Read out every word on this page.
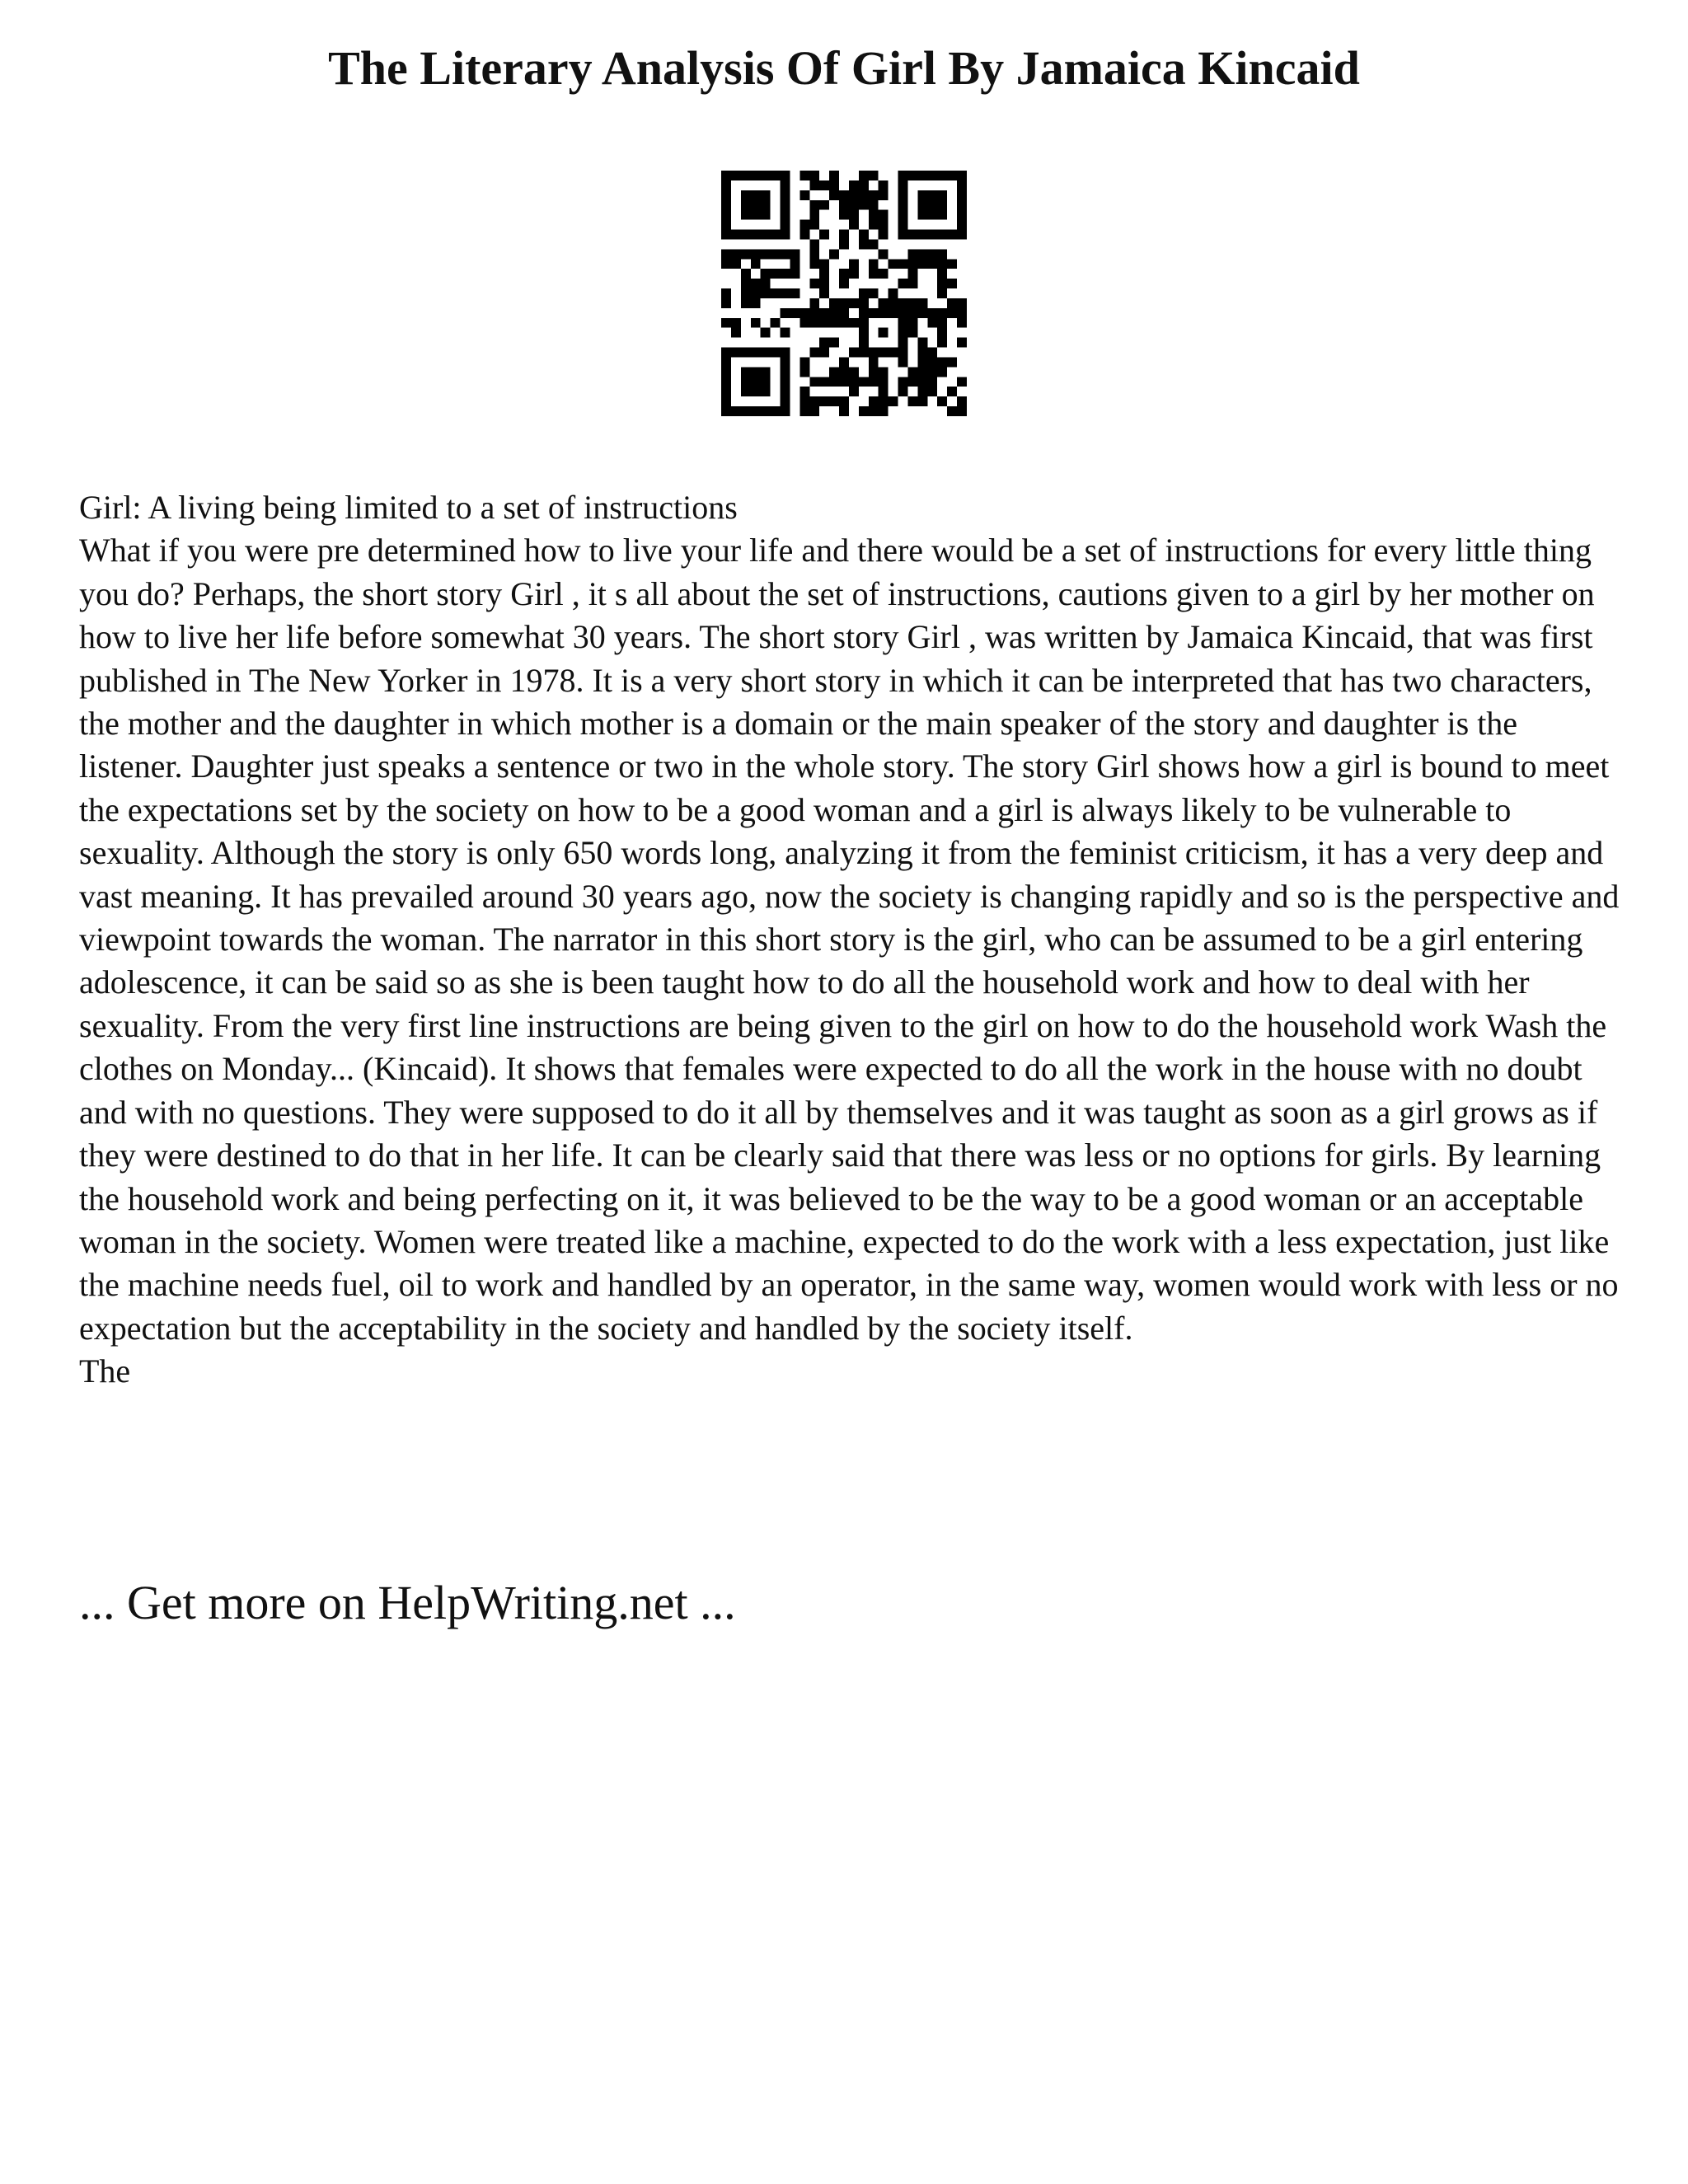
The Literary Analysis Of Girl By Jamaica Kincaid

Girl: A living being limited to a set of instructions

What if you were pre determined how to live your life and there would be a set of instructions for every little thing you do? Perhaps, the short story Girl , it s all about the set of instructions, cautions given to a girl by her mother on how to live her life before somewhat 30 years. The short story Girl , was written by Jamaica Kincaid, that was first published in The New Yorker in 1978. It is a very short story in which it can be interpreted that has two characters, the mother and the daughter in which mother is a domain or the main speaker of the story and daughter is the listener. Daughter just speaks a sentence or two in the whole story. The story Girl shows how a girl is bound to meet the expectations set by the society on how to be a good woman and a girl is always likely to be vulnerable to sexuality. Although the story is only 650 words long, analyzing it from the feminist criticism, it has a very deep and vast meaning. It has prevailed around 30 years ago, now the society is changing rapidly and so is the perspective and viewpoint towards the woman. The narrator in this short story is the girl, who can be assumed to be a girl entering adolescence, it can be said so as she is been taught how to do all the household work and how to deal with her sexuality. From the very first line instructions are being given to the girl on how to do the household work Wash the clothes on Monday... (Kincaid). It shows that females were expected to do all the work in the house with no doubt and with no questions. They were supposed to do it all by themselves and it was taught as soon as a girl grows as if they were destined to do that in her life. It can be clearly said that there was less or no options for girls. By learning the household work and being perfecting on it, it was believed to be the way to be a good woman or an acceptable woman in the society. Women were treated like a machine, expected to do the work with a less expectation, just like the machine needs fuel, oil to work and handled by an operator, in the same way, women would work with less or no expectation but the acceptability in the society and handled by the society itself.

The

... Get more on HelpWriting.net ...
